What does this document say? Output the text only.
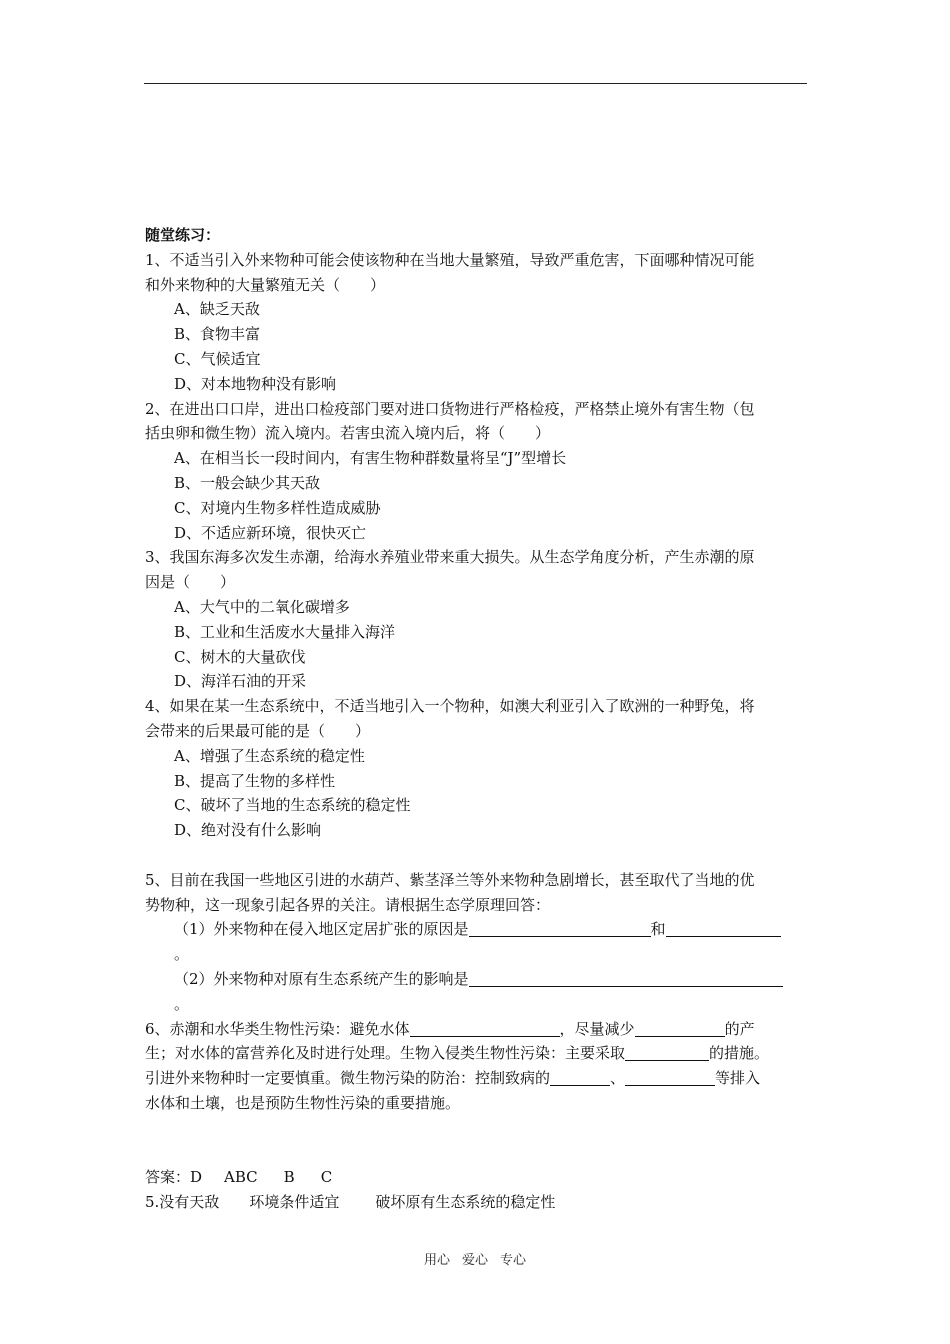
随堂练习：
1、不适当引入外来物种可能会使该物种在当地大量繁殖，导致严重危害，下面哪种情况可能
和外来物种的大量繁殖无关（　　）
A、缺乏天敌
B、食物丰富
C、气候适宜
D、对本地物种没有影响
2、在进出口口岸，进出口检疫部门要对进口货物进行严格检疫，严格禁止境外有害生物（包
括虫卵和微生物）流入境内。若害虫流入境内后，将（　　）
A、在相当长一段时间内，有害生物种群数量将呈“J”型增长
B、一般会缺少其天敌
C、对境内生物多样性造成威胁
D、不适应新环境，很快灭亡
3、我国东海多次发生赤潮，给海水养殖业带来重大损失。从生态学角度分析，产生赤潮的原
因是（　　）
A、大气中的二氧化碳增多
B、工业和生活废水大量排入海洋
C、树木的大量砍伐
D、海洋石油的开采
4、如果在某一生态系统中，不适当地引入一个物种，如澳大利亚引入了欧洲的一种野兔，将
会带来的后果最可能的是（　　）
A、增强了生态系统的稳定性
B、提高了生物的多样性
C、破坏了当地的生态系统的稳定性
D、绝对没有什么影响
5、目前在我国一些地区引进的水葫芦、紫茎泽兰等外来物种急剧增长，甚至取代了当地的优
势物种，这一现象引起各界的关注。请根据生态学原理回答：
（1）外来物种在侵入地区定居扩张的原因是	和
。
（2）外来物种对原有生态系统产生的影响是
。
6、赤潮和水华类生物性污染：避免水体	，尽量减少	的产
生；对水体的富营养化及时进行处理。生物入侵类生物性污染：主要采取	的措施。
引进外来物种时一定要慎重。微生物污染的防治：控制致病的	、	等排入
水体和土壤，也是预防生物性污染的重要措施。
答案：D ABC B C
5.没有天敌 环境条件适宜 破坏原有生态系统的稳定性
用心 爱心 专心
